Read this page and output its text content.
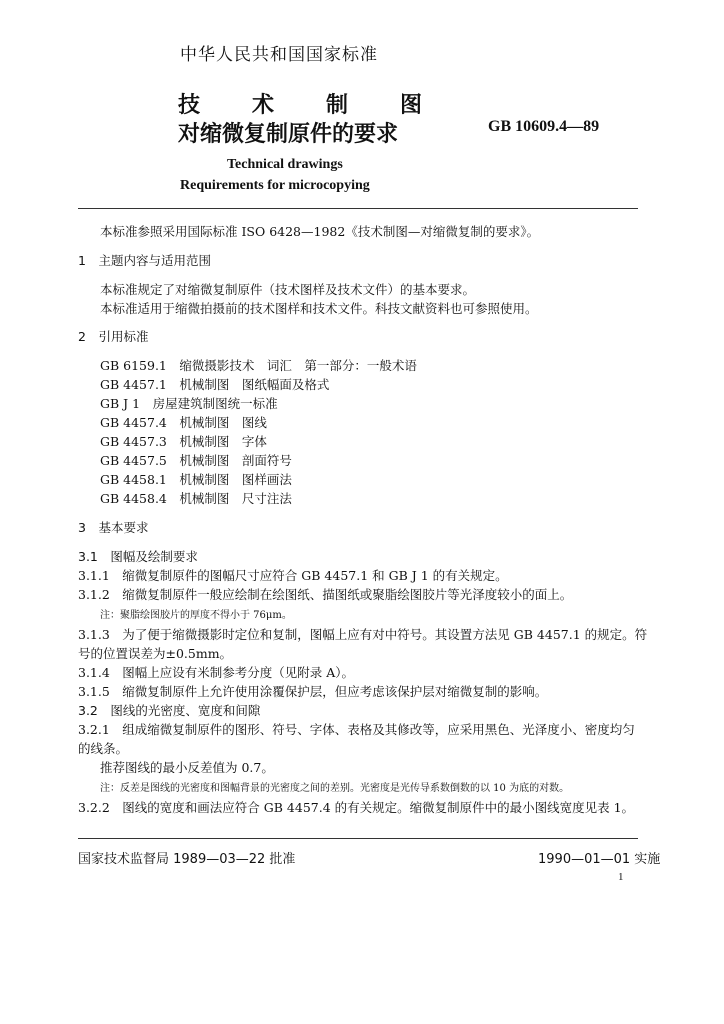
中华人民共和国国家标准
技术制图
对缩微复制原件的要求	GB 10609.4—89
Technical drawings
Requirements for microcopying
本标准参照采用国际标准 ISO 6428—1982《技术制图—对缩微复制的要求》。
1　主题内容与适用范围
本标准规定了对缩微复制原件（技术图样及技术文件）的基本要求。
本标准适用于缩微拍摄前的技术图样和技术文件。科技文献资料也可参照使用。
2　引用标准
GB 6159.1　缩微摄影技术　词汇　第一部分：一般术语
GB 4457.1　机械制图　图纸幅面及格式
GB J 1　房屋建筑制图统一标准
GB 4457.4　机械制图　图线
GB 4457.3　机械制图　字体
GB 4457.5　机械制图　剖面符号
GB 4458.1　机械制图　图样画法
GB 4458.4　机械制图　尺寸注法
3　基本要求
3.1　图幅及绘制要求
3.1.1　缩微复制原件的图幅尺寸应符合 GB 4457.1 和 GB J 1 的有关规定。
3.1.2　缩微复制原件一般应绘制在绘图纸、描图纸或聚脂绘图胶片等光泽度较小的面上。
注：聚脂绘图胶片的厚度不得小于 76μm。
3.1.3　为了便于缩微摄影时定位和复制，图幅上应有对中符号。其设置方法见 GB 4457.1 的规定。符
号的位置误差为±0.5mm。
3.1.4　图幅上应设有米制参考分度（见附录 A）。
3.1.5　缩微复制原件上允许使用涂覆保护层，但应考虑该保护层对缩微复制的影响。
3.2　图线的光密度、宽度和间隙
3.2.1　组成缩微复制原件的图形、符号、字体、表格及其修改等，应采用黑色、光泽度小、密度均匀
的线条。
推荐图线的最小反差值为 0.7。
注：反差是图线的光密度和图幅背景的光密度之间的差别。光密度是光传导系数倒数的以 10 为底的对数。
3.2.2　图线的宽度和画法应符合 GB 4457.4 的有关规定。缩微复制原件中的最小图线宽度见表 1。
国家技术监督局 1989—03—22 批准	1990—01—01 实施
1
